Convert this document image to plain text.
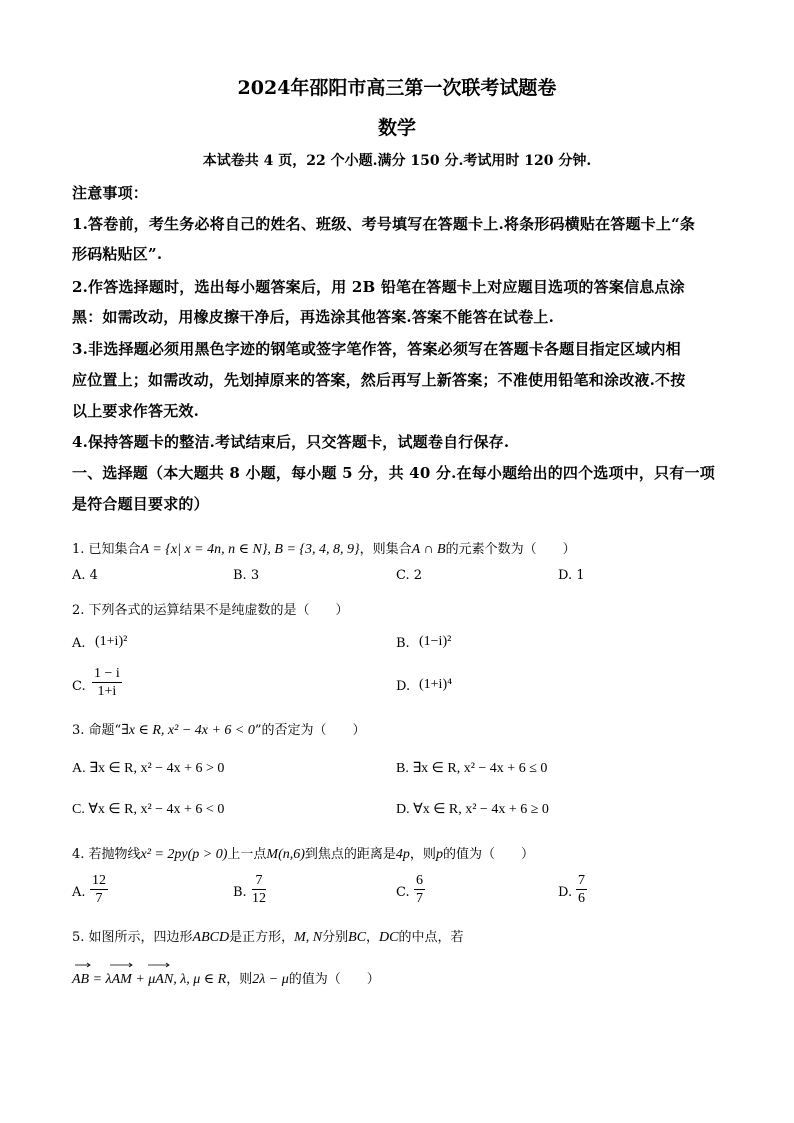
2024年邵阳市高三第一次联考试题卷
数学
本试卷共 4 页，22 个小题.满分 150 分.考试用时 120 分钟.
注意事项：
1.答卷前，考生务必将自己的姓名、班级、考号填写在答题卡上.将条形码横贴在答题卡上“条
形码粘贴区”.
2.作答选择题时，选出每小题答案后，用 2B 铅笔在答题卡上对应题目选项的答案信息点涂
黑：如需改动，用橡皮擦干净后，再选涂其他答案.答案不能答在试卷上.
3.非选择题必须用黑色字迹的钢笔或签字笔作答，答案必须写在答题卡各题目指定区域内相
应位置上；如需改动，先划掉原来的答案，然后再写上新答案；不准使用铅笔和涂改液.不按
以上要求作答无效.
4.保持答题卡的整洁.考试结束后，只交答题卡，试题卷自行保存.
一、选择题（本大题共 8 小题，每小题 5 分，共 40 分.在每小题给出的四个选项中，只有一项
是符合题目要求的）
1. 已知集合A = {x| x = 4n, n ∈ N}, B = {3, 4, 8, 9}，则集合A ∩ B的元素个数为（　　）
A. 4	B. 3	C. 2	D. 1
2. 下列各式的运算结果不是纯虚数的是（　　）
A. (1+i)²	B. (1−i)²
C. $\frac{1 - i}{1+i}$	D. (1+i)⁴
3. 命题“∃x ∈ R, x² − 4x + 6 < 0”的否定为（　　）
A. ∃x ∈ R, x² − 4x + 6 > 0	B. ∃x ∈ R, x² − 4x + 6 ≤ 0
C. ∀x ∈ R, x² − 4x + 6 < 0	D. ∀x ∈ R, x² − 4x + 6 ≥ 0
4. 若抛物线x² = 2py(p > 0)上一点M(n,6)到焦点的距离是4p，则p的值为（　　）
A. $\frac{12}{7}$	B. $\frac{7}{12}$	C. $\frac{6}{7}$	D. $\frac{7}{6}$
5. 如图所示，四边形ABCD是正方形，M, N分别BC，DC的中点，若
AB = λAM + μAN, λ, μ ∈ R，则2λ − μ的值为（　　）
